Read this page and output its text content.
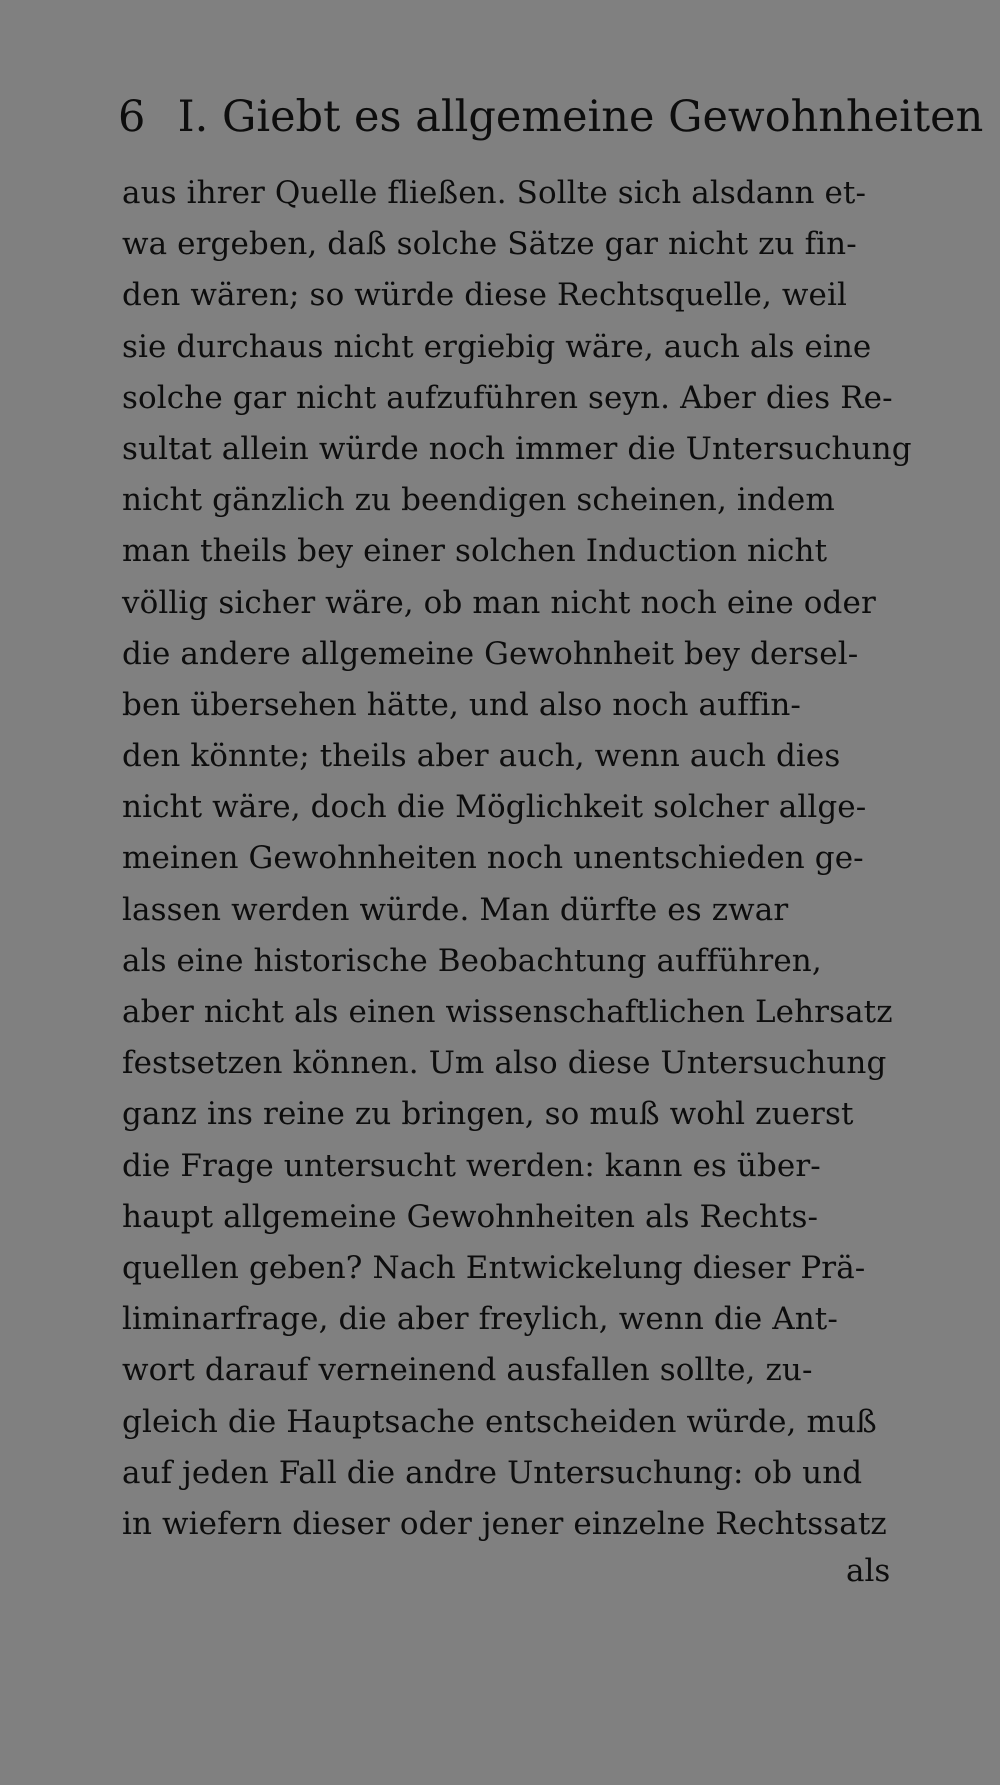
6 I. Giebt es allgemeine Gewohnheiten
aus ihrer Quelle fließen. Sollte sich alsdann et-
wa ergeben, daß solche Sätze gar nicht zu fin-
den wären; so würde diese Rechtsquelle, weil
sie durchaus nicht ergiebig wäre, auch als eine
solche gar nicht aufzuführen seyn. Aber dies Re-
sultat allein würde noch immer die Untersuchung
nicht gänzlich zu beendigen scheinen, indem
man theils bey einer solchen Induction nicht
völlig sicher wäre, ob man nicht noch eine oder
die andere allgemeine Gewohnheit bey dersel-
ben übersehen hätte, und also noch auffin-
den könnte; theils aber auch, wenn auch dies
nicht wäre, doch die Möglichkeit solcher allge-
meinen Gewohnheiten noch unentschieden ge-
lassen werden würde. Man dürfte es zwar
als eine historische Beobachtung aufführen,
aber nicht als einen wissenschaftlichen Lehrsatz
festsetzen können. Um also diese Untersuchung
ganz ins reine zu bringen, so muß wohl zuerst
die Frage untersucht werden: kann es über-
haupt allgemeine Gewohnheiten als Rechts-
quellen geben? Nach Entwickelung dieser Prä-
liminarfrage, die aber freylich, wenn die Ant-
wort darauf verneinend ausfallen sollte, zu-
gleich die Hauptsache entscheiden würde, muß
auf jeden Fall die andre Untersuchung: ob und
in wiefern dieser oder jener einzelne Rechtssatz
als
